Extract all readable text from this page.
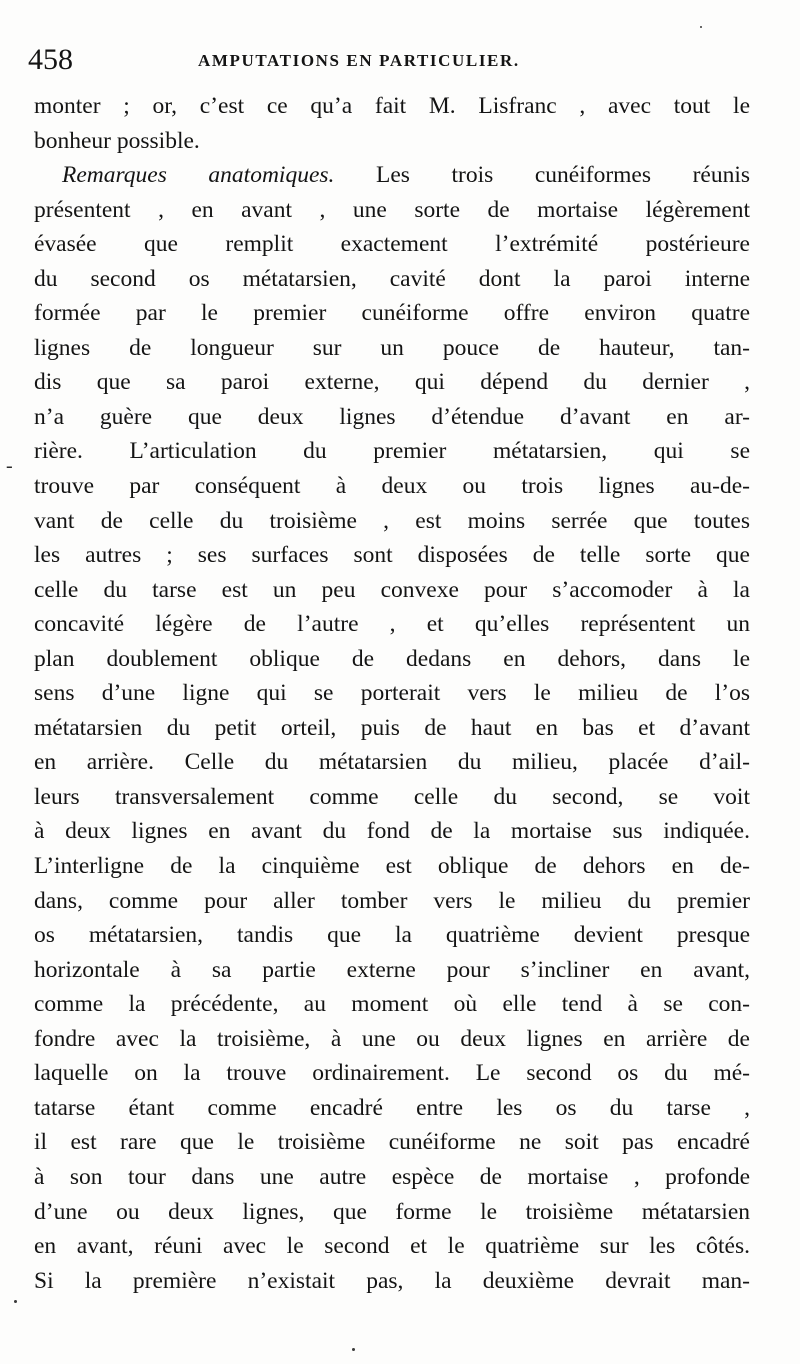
458	AMPUTATIONS EN PARTICULIER.
-
monter ; or, c’est ce qu’a fait M. Lisfranc , avec tout le
bonheur possible.
Remarques anatomiques. Les trois cunéiformes réunis
présentent , en avant , une sorte de mortaise légèrement
évasée que remplit exactement l’extrémité postérieure
du second os métatarsien, cavité dont la paroi interne
formée par le premier cunéiforme offre environ quatre
lignes de longueur sur un pouce de hauteur, tan-
dis que sa paroi externe, qui dépend du dernier ,
n’a guère que deux lignes d’étendue d’avant en ar-
rière. L’articulation du premier métatarsien, qui se
trouve par conséquent à deux ou trois lignes au-de-
vant de celle du troisième , est moins serrée que toutes
les autres ; ses surfaces sont disposées de telle sorte que
celle du tarse est un peu convexe pour s’accomoder à la
concavité légère de l’autre , et qu’elles représentent un
plan doublement oblique de dedans en dehors, dans le
sens d’une ligne qui se porterait vers le milieu de l’os
métatarsien du petit orteil, puis de haut en bas et d’avant
en arrière. Celle du métatarsien du milieu, placée d’ail-
leurs transversalement comme celle du second, se voit
à deux lignes en avant du fond de la mortaise sus indiquée.
L’interligne de la cinquième est oblique de dehors en de-
dans, comme pour aller tomber vers le milieu du premier
os métatarsien, tandis que la quatrième devient presque
horizontale à sa partie externe pour s’incliner en avant,
comme la précédente, au moment où elle tend à se con-
fondre avec la troisième, à une ou deux lignes en arrière de
laquelle on la trouve ordinairement. Le second os du mé-
tatarse étant comme encadré entre les os du tarse ,
il est rare que le troisième cunéiforme ne soit pas encadré
à son tour dans une autre espèce de mortaise , profonde
d’une ou deux lignes, que forme le troisième métatarsien
en avant, réuni avec le second et le quatrième sur les côtés.
Si la première n’existait pas, la deuxième devrait man-
